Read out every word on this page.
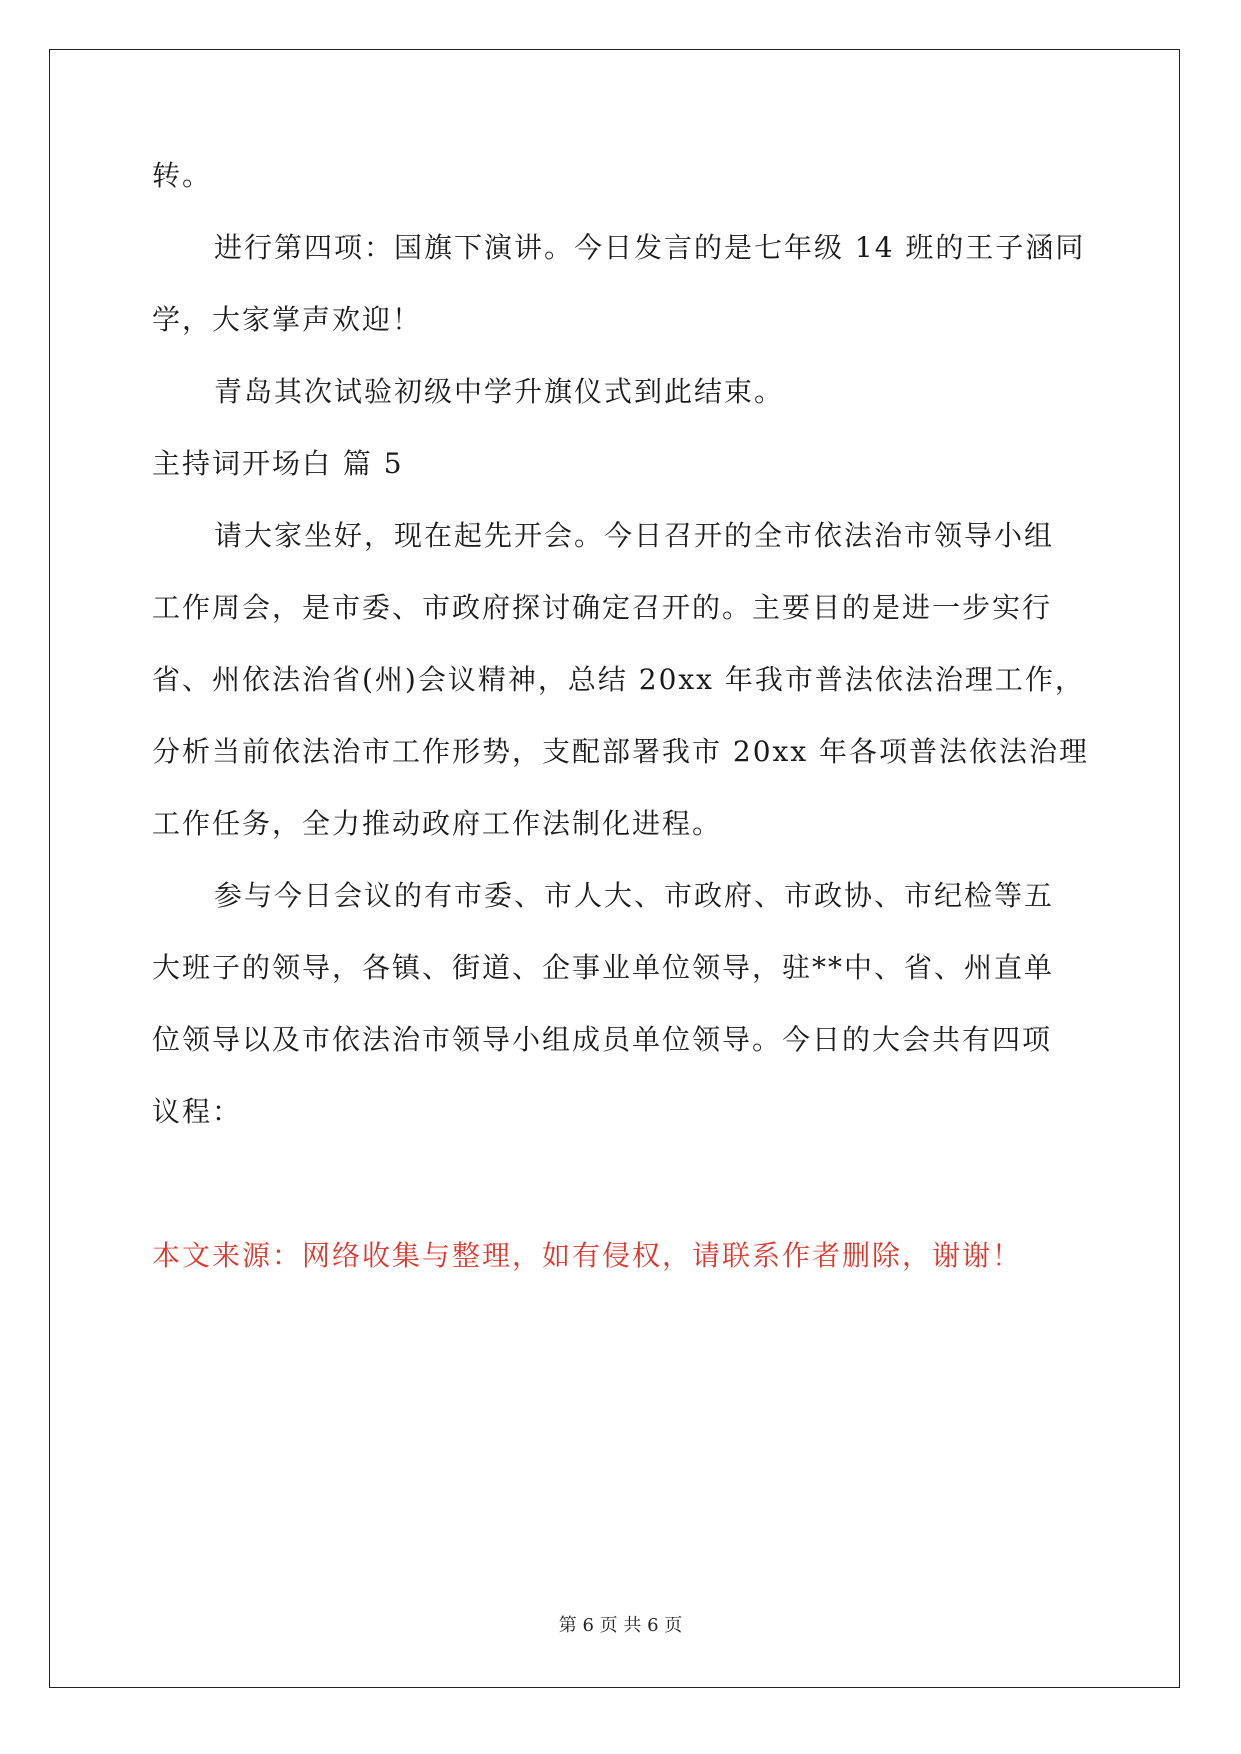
转。
进行第四项：国旗下演讲。今日发言的是七年级 14 班的王子涵同
学，大家掌声欢迎！
青岛其次试验初级中学升旗仪式到此结束。
主持词开场白 篇 5
请大家坐好，现在起先开会。今日召开的全市依法治市领导小组
工作周会，是市委、市政府探讨确定召开的。主要目的是进一步实行
省、州依法治省(州)会议精神，总结 20xx 年我市普法依法治理工作，
分析当前依法治市工作形势，支配部署我市 20xx 年各项普法依法治理
工作任务，全力推动政府工作法制化进程。
参与今日会议的有市委、市人大、市政府、市政协、市纪检等五
大班子的领导，各镇、街道、企事业单位领导，驻**中、省、州直单
位领导以及市依法治市领导小组成员单位领导。今日的大会共有四项
议程：
本文来源：网络收集与整理，如有侵权，请联系作者删除，谢谢！
第 6 页 共 6 页
